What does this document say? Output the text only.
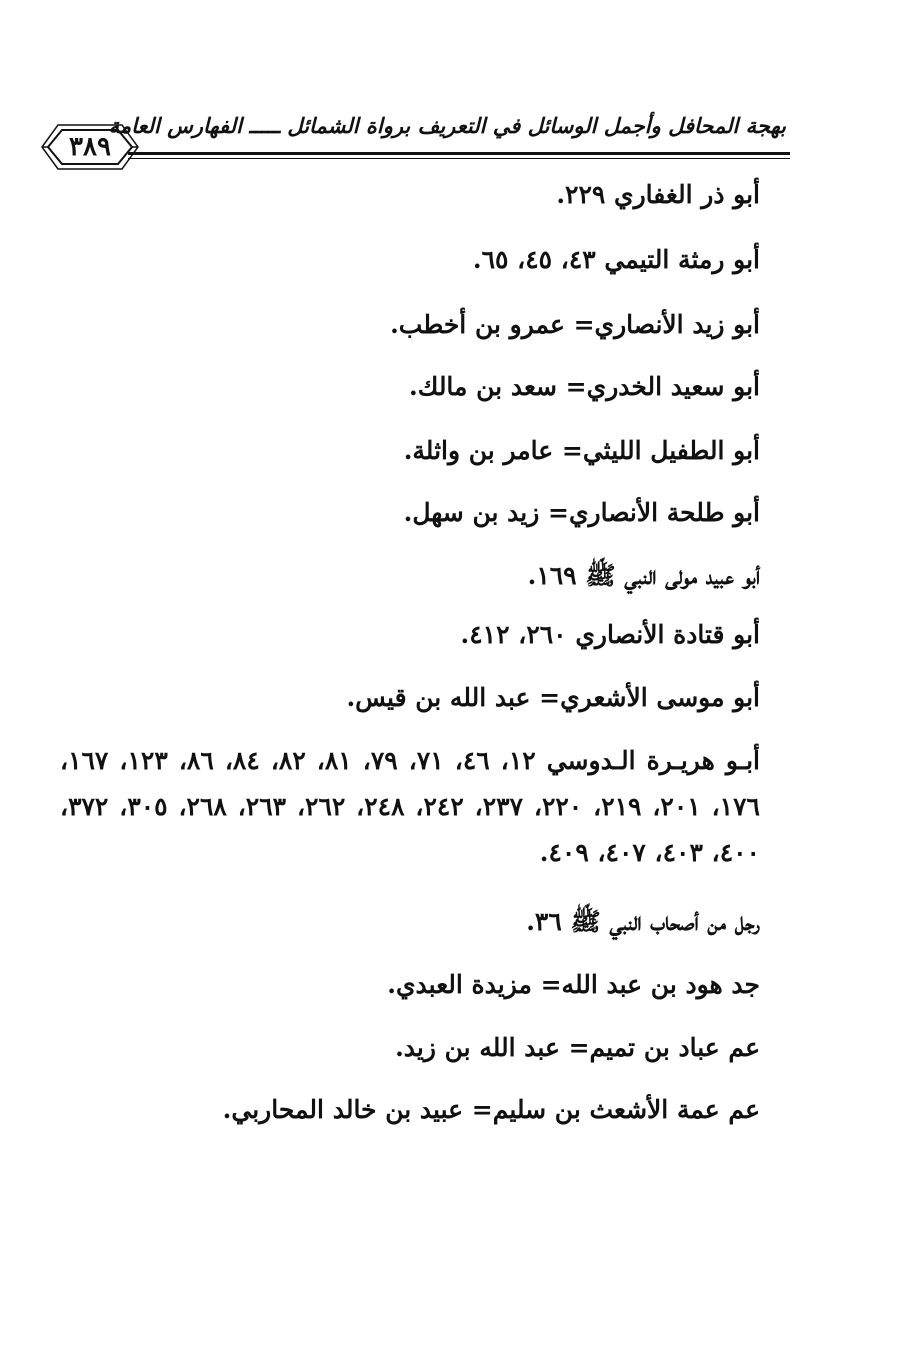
٣٨٩
بهجة المحافل وأجمل الوسائل في التعريف برواة الشمائل ـــــ الفهارس العامة
أبو ذر الغفاري ٢٢٩.
أبو رمثة التيمي ٤٣، ٤٥، ٦٥.
أبو زيد الأنصاري= عمرو بن أخطب.
أبو سعيد الخدري= سعد بن مالك.
أبو الطفيل الليثي= عامر بن واثلة.
أبو طلحة الأنصاري= زيد بن سهل.
أبو عبيد مولى النبي ﷺ ١٦٩.
أبو قتادة الأنصاري ٢٦٠، ٤١٢.
أبو موسى الأشعري= عبد الله بن قيس.
أبـو هريـرة الـدوسي ١٢، ٤٦، ٧١، ٧٩، ٨١، ٨٢، ٨٤، ٨٦، ١٢٣، ١٦٧، ١٧٦، ٢٠١، ٢١٩، ٢٢٠، ٢٣٧، ٢٤٢، ٢٤٨، ٢٦٢، ٢٦٣، ٢٦٨، ٣٠٥، ٣٧٢، ٤٠٠، ٤٠٣، ٤٠٧، ٤٠٩.
رجل من أصحاب النبي ﷺ ٣٦.
جد هود بن عبد الله= مزيدة العبدي.
عم عباد بن تميم= عبد الله بن زيد.
عم عمة الأشعث بن سليم= عبيد بن خالد المحاربي.
